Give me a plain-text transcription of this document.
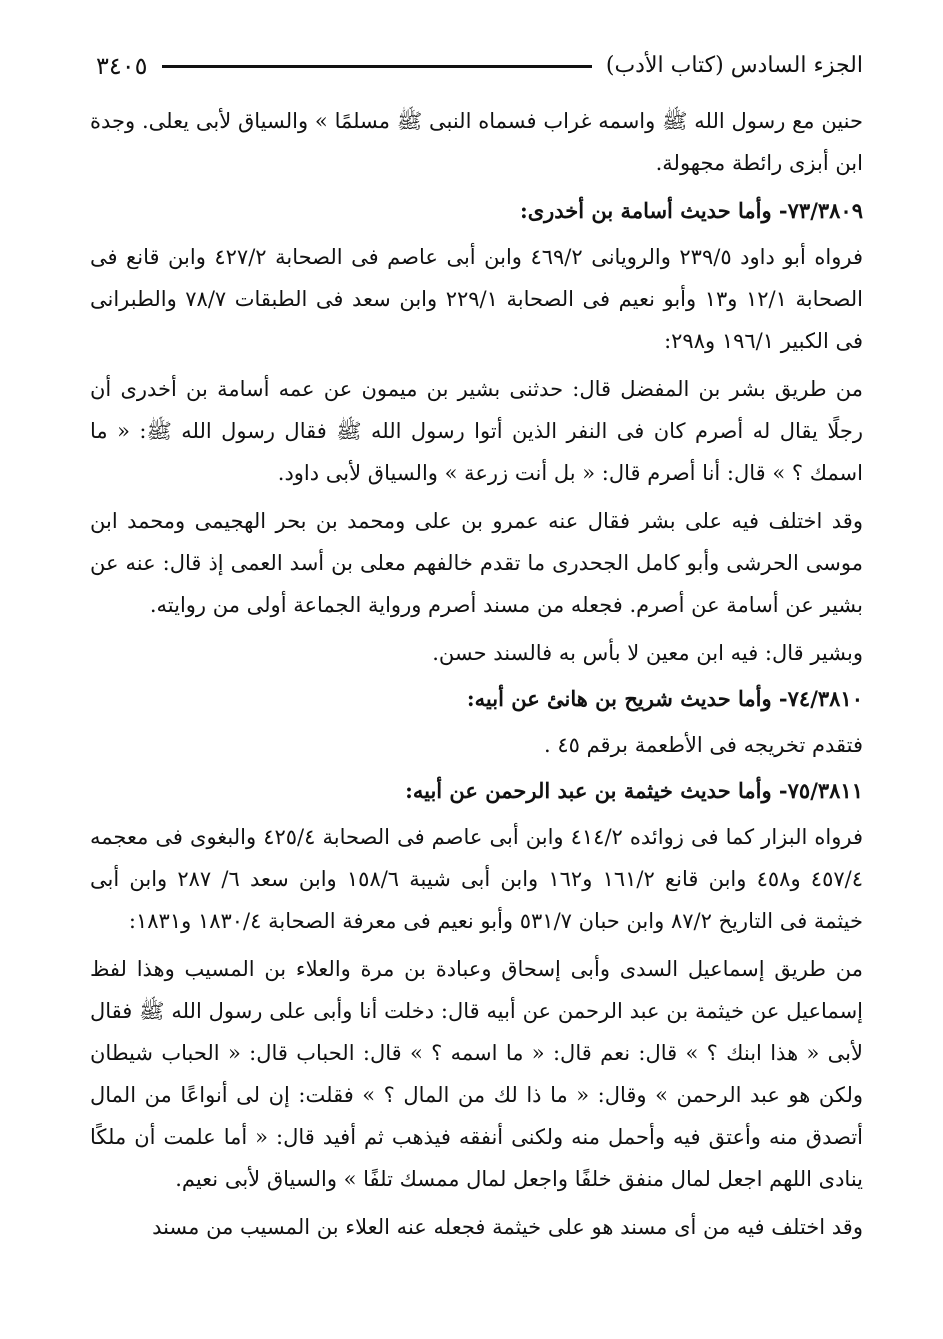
الجزء السادس (كتاب الأدب)
٣٤٠٥

حنين مع رسول الله ﷺ واسمه غراب فسماه النبى ﷺ مسلمًا » والسياق لأبى يعلى. وجدة ابن أبزى رائطة مجهولة.

٧٣/٣٨٠٩- وأما حديث أسامة بن أخدرى:

فرواه أبو داود ٢٣٩/٥ والرويانى ٤٦٩/٢ وابن أبى عاصم فى الصحابة ٤٢٧/٢ وابن قانع فى الصحابة ١٢/١ و١٣ وأبو نعيم فى الصحابة ٢٢٩/١ وابن سعد فى الطبقات ٧٨/٧ والطبرانى فى الكبير ١٩٦/١ و٢٩٨:

من طريق بشر بن المفضل قال: حدثنى بشير بن ميمون عن عمه أسامة بن أخدرى أن رجلًا يقال له أصرم كان فى النفر الذين أتوا رسول الله ﷺ فقال رسول الله ﷺ: « ما اسمك ؟ » قال: أنا أصرم قال: « بل أنت زرعة » والسياق لأبى داود.

وقد اختلف فيه على بشر فقال عنه عمرو بن على ومحمد بن بحر الهجيمى ومحمد ابن موسى الحرشى وأبو كامل الجحدرى ما تقدم خالفهم معلى بن أسد العمى إذ قال: عنه عن بشير عن أسامة عن أصرم. فجعله من مسند أصرم ورواية الجماعة أولى من روايته.

وبشير قال: فيه ابن معين لا بأس به فالسند حسن.

٧٤/٣٨١٠- وأما حديث شريح بن هانئ عن أبيه:

فتقدم تخريجه فى الأطعمة برقم ٤٥ .

٧٥/٣٨١١- وأما حديث خيثمة بن عبد الرحمن عن أبيه:

فرواه البزار كما فى زوائده ٤١٤/٢ وابن أبى عاصم فى الصحابة ٤٢٥/٤ والبغوى فى معجمه ٤٥٧/٤ و٤٥٨ وابن قانع ١٦١/٢ و١٦٢ وابن أبى شيبة ١٥٨/٦ وابن سعد ٦/ ٢٨٧ وابن أبى خيثمة فى التاريخ ٨٧/٢ وابن حبان ٥٣١/٧ وأبو نعيم فى معرفة الصحابة ١٨٣٠/٤ و١٨٣١:

من طريق إسماعيل السدى وأبى إسحاق وعبادة بن مرة والعلاء بن المسيب وهذا لفظ إسماعيل عن خيثمة بن عبد الرحمن عن أبيه قال: دخلت أنا وأبى على رسول الله ﷺ فقال لأبى « هذا ابنك ؟ » قال: نعم قال: « ما اسمه ؟ » قال: الحباب قال: « الحباب شيطان ولكن هو عبد الرحمن » وقال: « ما ذا لك من المال ؟ » فقلت: إن لى أنواعًا من المال أتصدق منه وأعتق فيه وأحمل منه ولكنى أنفقه فيذهب ثم أفيد قال: « أما علمت أن ملكًا ينادى اللهم اجعل لمال منفق خلفًا واجعل لمال ممسك تلفًا » والسياق لأبى نعيم.

وقد اختلف فيه من أى مسند هو على خيثمة فجعله عنه العلاء بن المسيب من مسند
